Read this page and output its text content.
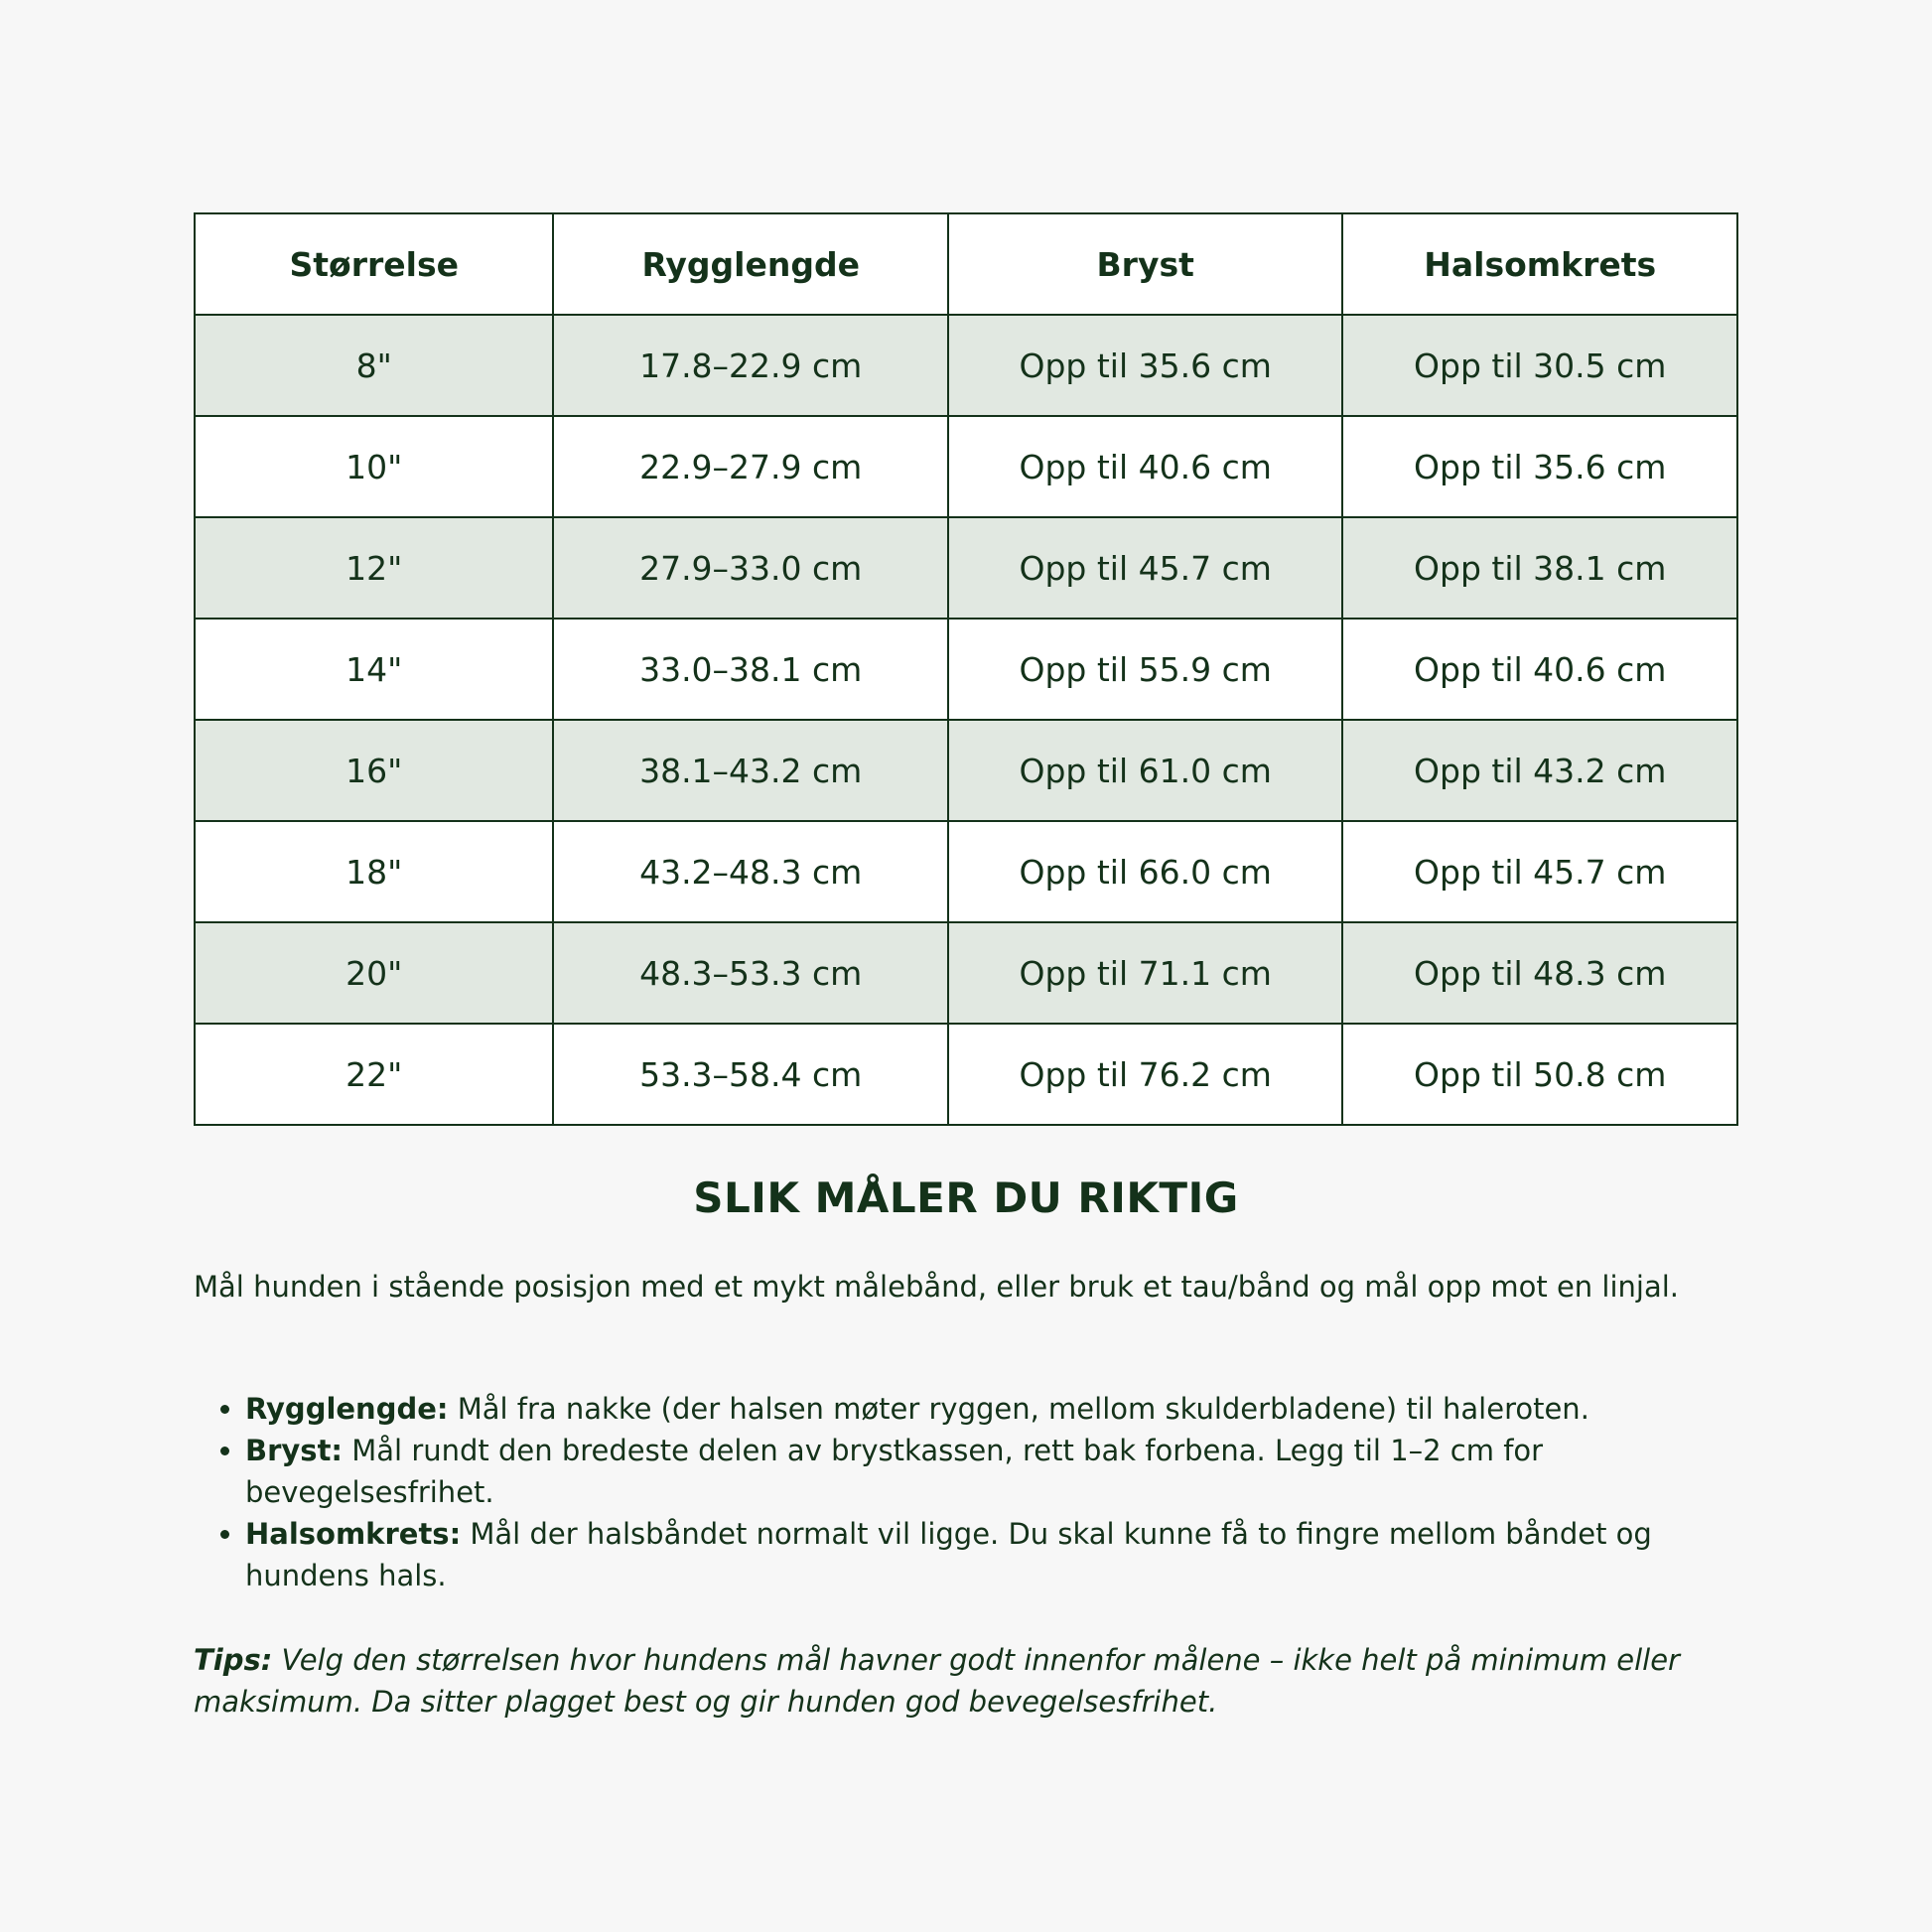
Størrelse	Rygglengde	Bryst	Halsomkrets
8"	17.8–22.9 cm	Opp til 35.6 cm	Opp til 30.5 cm
10"	22.9–27.9 cm	Opp til 40.6 cm	Opp til 35.6 cm
12"	27.9–33.0 cm	Opp til 45.7 cm	Opp til 38.1 cm
14"	33.0–38.1 cm	Opp til 55.9 cm	Opp til 40.6 cm
16"	38.1–43.2 cm	Opp til 61.0 cm	Opp til 43.2 cm
18"	43.2–48.3 cm	Opp til 66.0 cm	Opp til 45.7 cm
20"	48.3–53.3 cm	Opp til 71.1 cm	Opp til 48.3 cm
22"	53.3–58.4 cm	Opp til 76.2 cm	Opp til 50.8 cm
SLIK MÅLER DU RIKTIG

Mål hunden i stående posisjon med et mykt målebånd, eller bruk et tau/bånd og mål opp mot en linjal.

• Rygglengde: Mål fra nakke (der halsen møter ryggen, mellom skulderbladene) til haleroten.
• Bryst: Mål rundt den bredeste delen av brystkassen, rett bak forbena. Legg til 1–2 cm for bevegelsesfrihet.
• Halsomkrets: Mål der halsbåndet normalt vil ligge. Du skal kunne få to fingre mellom båndet og hundens hals.

Tips: Velg den størrelsen hvor hundens mål havner godt innenfor målene – ikke helt på minimum eller maksimum. Da sitter plagget best og gir hunden god bevegelsesfrihet.
